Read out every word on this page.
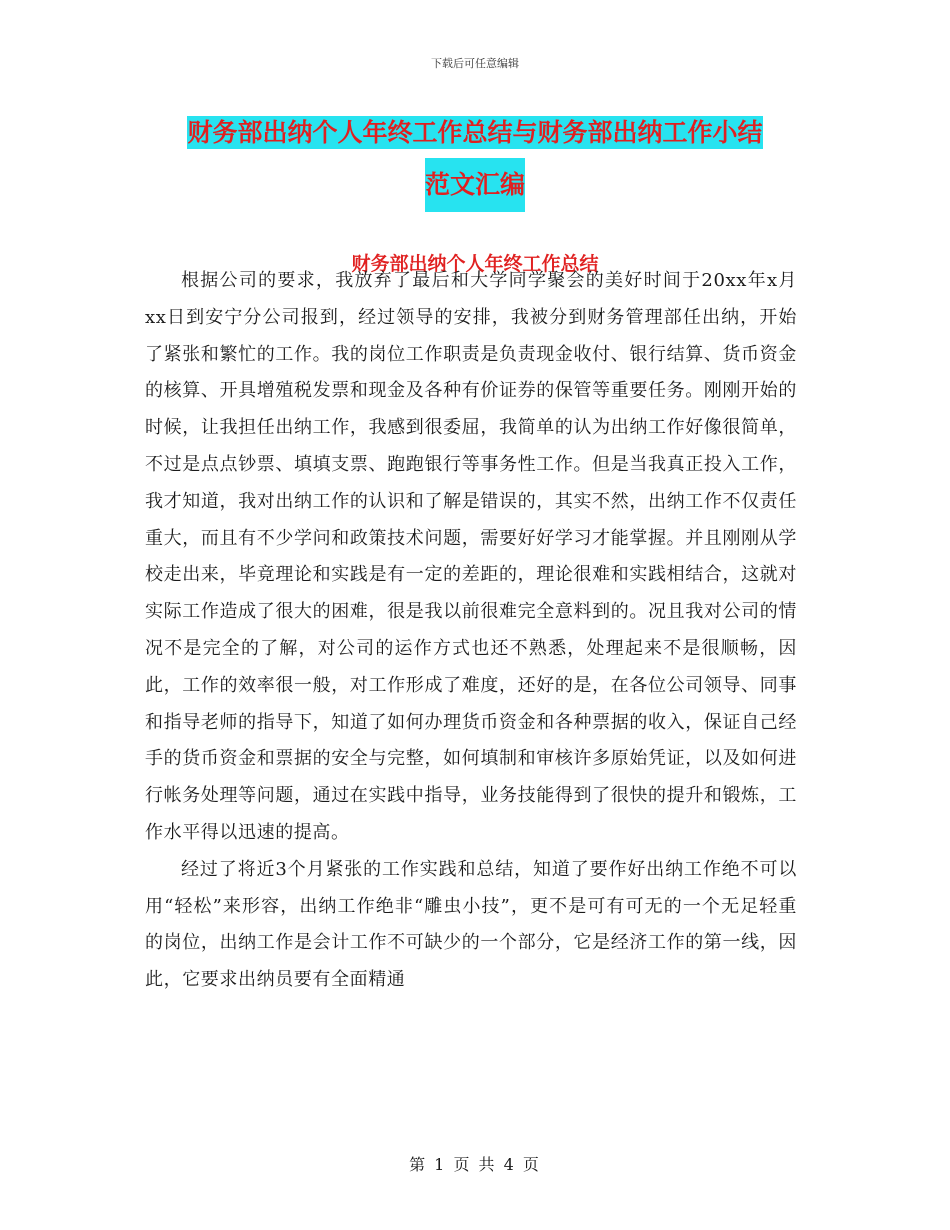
下载后可任意编辑
财务部出纳个人年终工作总结与财务部出纳工作小结
范文汇编
财务部出纳个人年终工作总结

根据公司的要求，我放弃了最后和大学同学聚会的美好时间于20xx年x月xx日到安宁分公司报到，经过领导的安排，我被分到财务管理部任出纳，开始了紧张和繁忙的工作。我的岗位工作职责是负责现金收付、银行结算、货币资金的核算、开具增殖税发票和现金及各种有价证券的保管等重要任务。刚刚开始的时候，让我担任出纳工作，我感到很委屈，我简单的认为出纳工作好像很简单，不过是点点钞票、填填支票、跑跑银行等事务性工作。但是当我真正投入工作，我才知道，我对出纳工作的认识和了解是错误的，其实不然，出纳工作不仅责任重大，而且有不少学问和政策技术问题，需要好好学习才能掌握。并且刚刚从学校走出来，毕竟理论和实践是有一定的差距的，理论很难和实践相结合，这就对实际工作造成了很大的困难，很是我以前很难完全意料到的。况且我对公司的情况不是完全的了解，对公司的运作方式也还不熟悉，处理起来不是很顺畅，因此，工作的效率很一般，对工作形成了难度，还好的是，在各位公司领导、同事和指导老师的指导下，知道了如何办理货币资金和各种票据的收入，保证自己经手的货币资金和票据的安全与完整，如何填制和审核许多原始凭证，以及如何进行帐务处理等问题，通过在实践中指导，业务技能得到了很快的提升和锻炼，工作水平得以迅速的提高。

经过了将近3个月紧张的工作实践和总结，知道了要作好出纳工作绝不可以用“轻松”来形容，出纳工作绝非“雕虫小技”，更不是可有可无的一个无足轻重的岗位，出纳工作是会计工作不可缺少的一个部分，它是经济工作的第一线，因此，它要求出纳员要有全面精通

第 1 页 共 4 页
